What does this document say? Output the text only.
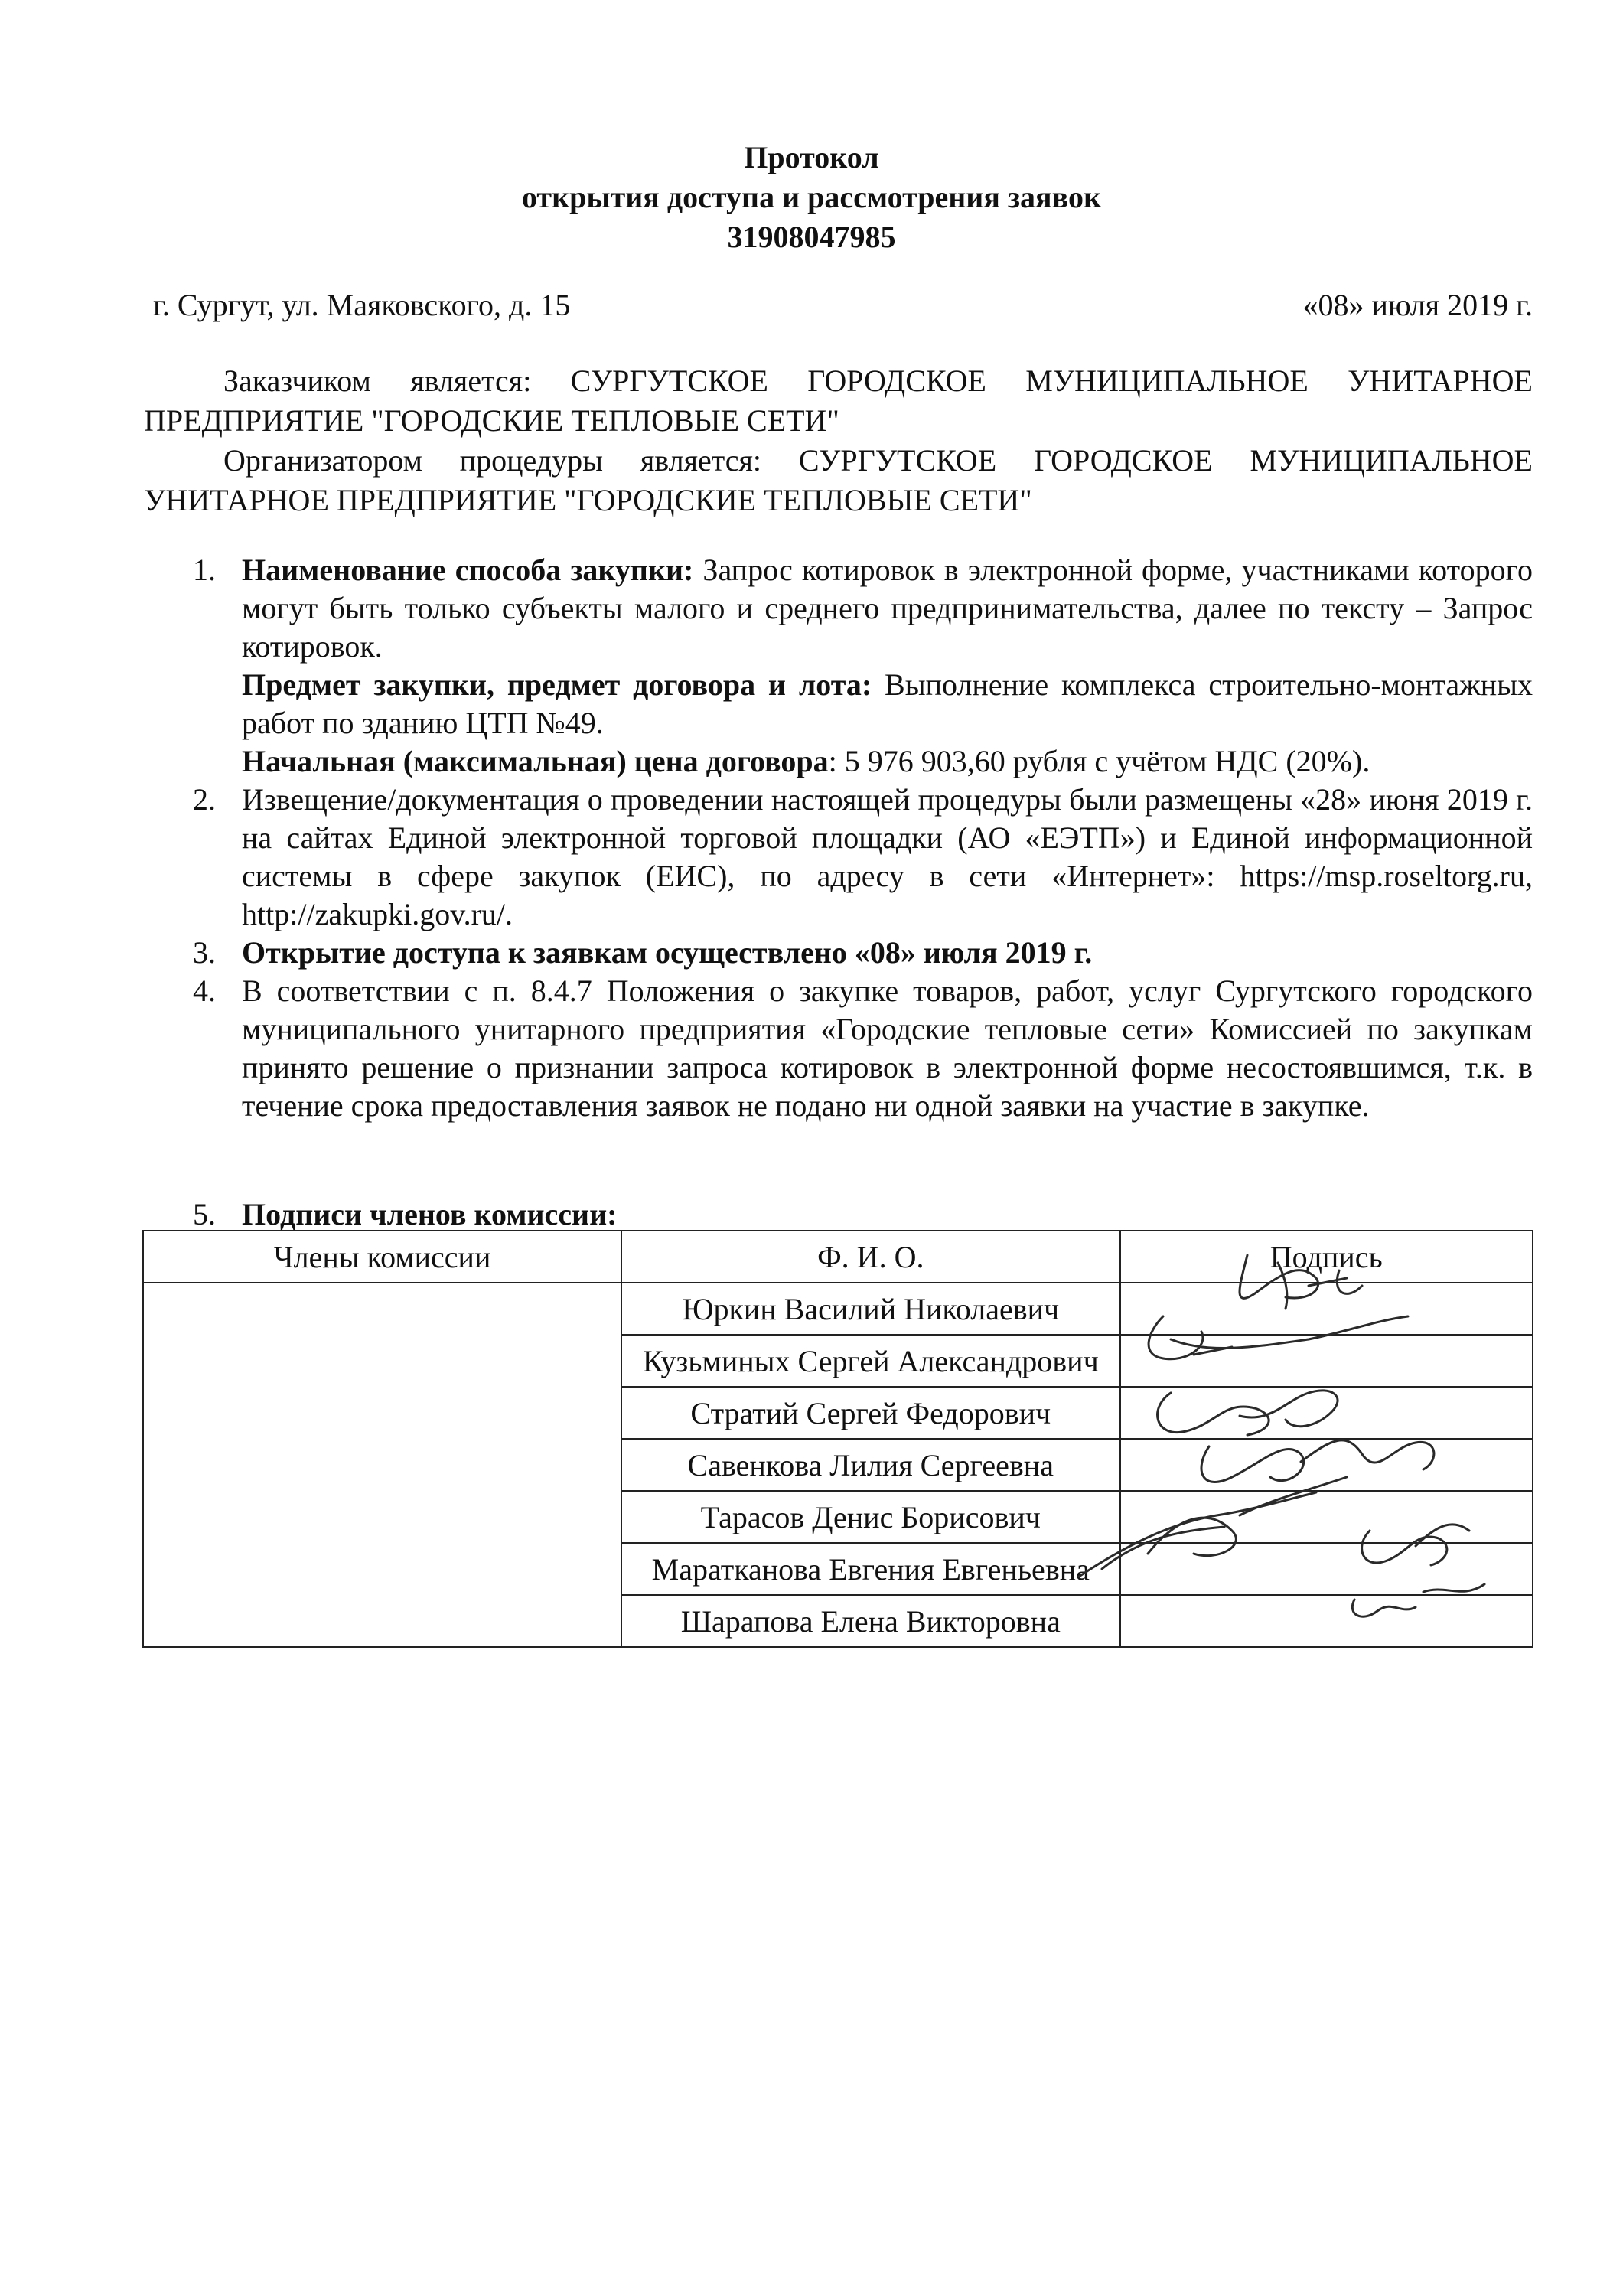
Протокол
открытия доступа и рассмотрения заявок
31908047985
г. Сургут, ул. Маяковского, д. 15	«08» июля 2019 г.
Заказчиком является: СУРГУТСКОЕ ГОРОДСКОЕ МУНИЦИПАЛЬНОЕ УНИТАРНОЕ ПРЕДПРИЯТИЕ "ГОРОДСКИЕ ТЕПЛОВЫЕ СЕТИ"
Организатором процедуры является: СУРГУТСКОЕ ГОРОДСКОЕ МУНИЦИПАЛЬНОЕ УНИТАРНОЕ ПРЕДПРИЯТИЕ "ГОРОДСКИЕ ТЕПЛОВЫЕ СЕТИ"
1. Наименование способа закупки: Запрос котировок в электронной форме, участниками которого могут быть только субъекты малого и среднего предпринимательства, далее по тексту – Запрос котировок.
Предмет закупки, предмет договора и лота: Выполнение комплекса строительно-монтажных работ по зданию ЦТП №49.
Начальная (максимальная) цена договора: 5 976 903,60 рубля с учётом НДС (20%).
2. Извещение/документация о проведении настоящей процедуры были размещены «28» июня 2019 г. на сайтах Единой электронной торговой площадки (АО «ЕЭТП») и Единой информационной системы в сфере закупок (ЕИС), по адресу в сети «Интернет»: https://msp.roseltorg.ru, http://zakupki.gov.ru/.
3. Открытие доступа к заявкам осуществлено «08» июля 2019 г.
4. В соответствии с п. 8.4.7 Положения о закупке товаров, работ, услуг Сургутского городского муниципального унитарного предприятия «Городские тепловые сети» Комиссией по закупкам принято решение о признании запроса котировок в электронной форме несостоявшимся, т.к. в течение срока предоставления заявок не подано ни одной заявки на участие в закупке.
5. Подписи членов комиссии:
Члены комиссии	Ф. И. О.	Подпись
	Юркин Василий Николаевич	
	Кузьминых Сергей Александрович	
	Стратий Сергей Федорович	
	Савенкова Лилия Сергеевна	
	Тарасов Денис Борисович	
	Маратканова Евгения Евгеньевна	
	Шарапова Елена Викторовна	
